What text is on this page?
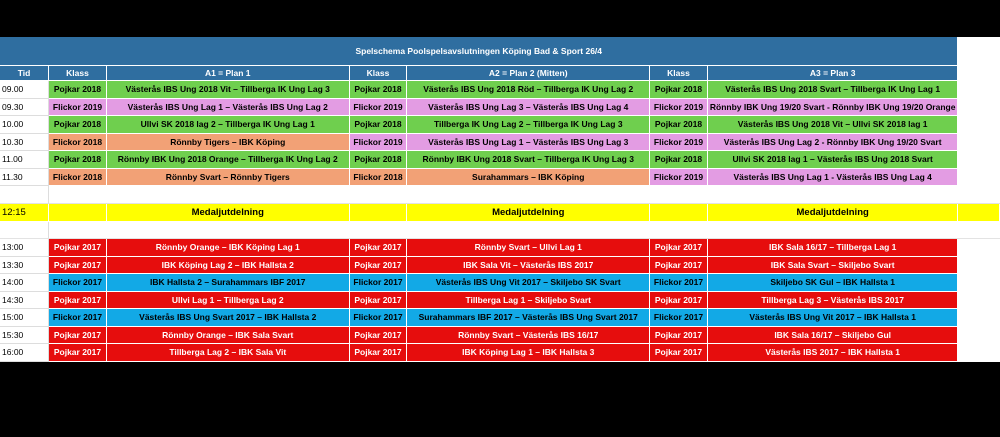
Spelschema Poolspelsavslutningen Köping Bad & Sport 26/4							
Tid	Klass	A1 = Plan 1	Klass	A2 = Plan 2 (Mitten)	Klass	A3 = Plan 3	
09.00	Pojkar 2018	Västerås IBS Ung 2018 Vit – Tillberga IK Ung Lag 3	Pojkar 2018	Västerås IBS Ung 2018 Röd – Tillberga IK Ung Lag 2	Pojkar 2018	Västerås IBS Ung 2018 Svart – Tillberga IK Ung Lag 1	
09.30	Flickor 2019	Västerås IBS Ung Lag 1 – Västerås IBS Ung Lag 2	Flickor 2019	Västerås IBS Ung Lag 3 – Västerås IBS Ung Lag 4	Flickor 2019	Rönnby IBK Ung 19/20 Svart - Rönnby IBK Ung 19/20 Orange	
10.00	Pojkar 2018	Ullvi SK 2018 lag 2 – Tillberga IK Ung Lag 1	Pojkar 2018	Tillberga IK Ung Lag 2 – Tillberga IK Ung Lag 3	Pojkar 2018	Västerås IBS Ung 2018 Vit – Ullvi SK 2018 lag 1	
10.30	Flickor 2018	Rönnby Tigers – IBK Köping	Flickor 2019	Västerås IBS Ung Lag 1 – Västerås IBS Ung Lag 3	Flickor 2019	Västerås IBS Ung Lag 2 - Rönnby IBK Ung 19/20 Svart	
11.00	Pojkar 2018	Rönnby IBK Ung 2018 Orange – Tillberga IK Ung Lag 2	Pojkar 2018	Rönnby IBK Ung 2018 Svart – Tillberga IK Ung Lag 3	Pojkar 2018	Ullvi SK 2018 lag 1 – Västerås IBS Ung 2018 Svart	
11.30	Flickor 2018	Rönnby Svart – Rönnby Tigers	Flickor 2018	Surahammars – IBK Köping	Flickor 2019	Västerås IBS Ung Lag 1 - Västerås IBS Ung Lag 4	

12:15		Medaljutdelning		Medaljutdelning		Medaljutdelning	

13:00	Pojkar 2017	Rönnby Orange – IBK Köping Lag 1	Pojkar 2017	Rönnby Svart – Ullvi Lag 1	Pojkar 2017	IBK Sala 16/17 – Tillberga Lag 1	
13:30	Pojkar 2017	IBK Köping Lag 2 – IBK Hallsta 2	Pojkar 2017	IBK Sala Vit – Västerås IBS 2017	Pojkar 2017	IBK Sala Svart – Skiljebo Svart	
14:00	Flickor 2017	IBK Hallsta 2 – Surahammars IBF 2017	Flickor 2017	Västerås IBS Ung Vit 2017 – Skiljebo SK Svart	Flickor 2017	Skiljebo SK Gul – IBK Hallsta 1	
14:30	Pojkar 2017	Ullvi Lag 1 – Tillberga Lag 2	Pojkar 2017	Tillberga Lag 1 – Skiljebo Svart	Pojkar 2017	Tillberga Lag 3 – Västerås IBS 2017	
15:00	Flickor 2017	Västerås IBS Ung Svart 2017 – IBK Hallsta 2	Flickor 2017	Surahammars IBF 2017 – Västerås IBS Ung Svart 2017	Flickor 2017	Västerås IBS Ung Vit 2017 – IBK Hallsta 1	
15:30	Pojkar 2017	Rönnby Orange – IBK Sala Svart	Pojkar 2017	Rönnby Svart – Västerås IBS 16/17	Pojkar 2017	IBK Sala 16/17 – Skiljebo Gul	
16:00	Pojkar 2017	Tillberga Lag 2 – IBK Sala Vit	Pojkar 2017	IBK Köping Lag 1 – IBK Hallsta 3	Pojkar 2017	Västerås IBS 2017 – IBK Hallsta 1	
